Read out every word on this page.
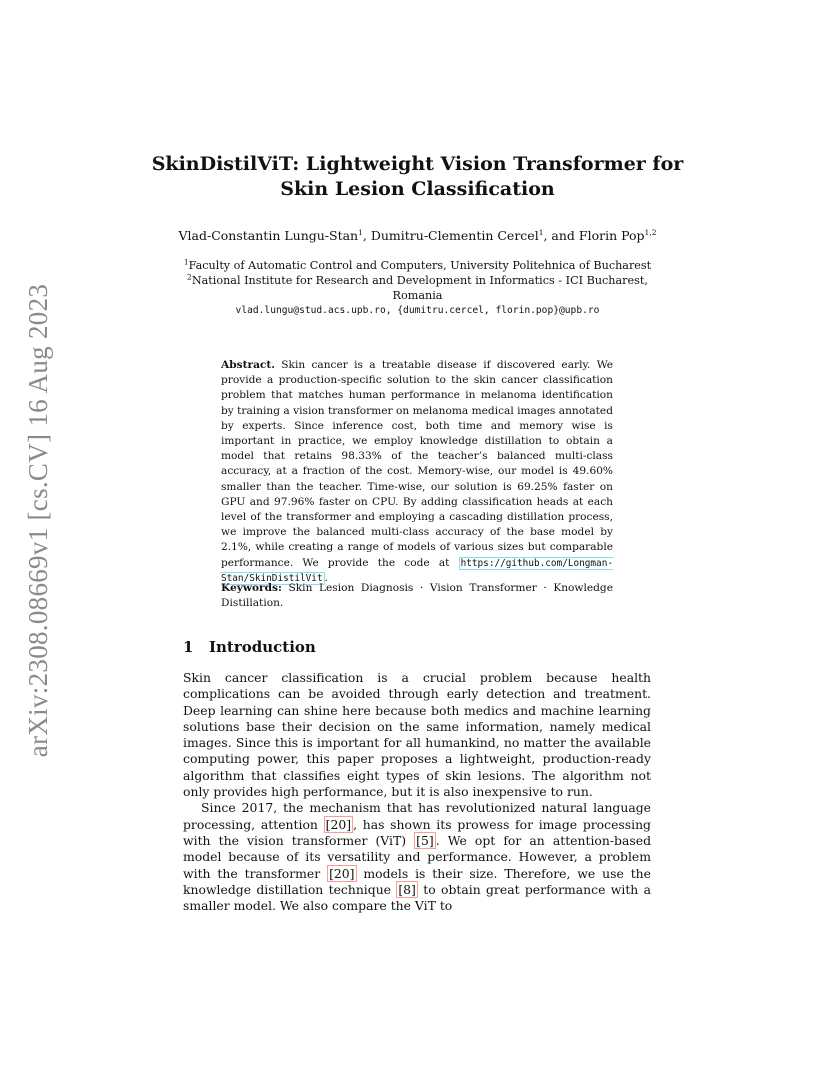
arXiv:2308.08669v1 [cs.CV] 16 Aug 2023
SkinDistilViT: Lightweight Vision Transformer for
Skin Lesion Classification
Vlad-Constantin Lungu-Stan$^1$, Dumitru-Clementin Cercel$^1$, and Florin Pop$^{1,2}$
$^1$Faculty of Automatic Control and Computers, University Politehnica of Bucharest
$^2$National Institute for Research and Development in Informatics - ICI Bucharest,
Romania
vlad.lungu@stud.acs.upb.ro, {dumitru.cercel, florin.pop}@upb.ro
Abstract. Skin cancer is a treatable disease if discovered early. We provide a production-specific solution to the skin cancer classification problem that matches human performance in melanoma identification by training a vision transformer on melanoma medical images annotated by experts. Since inference cost, both time and memory wise is important in practice, we employ knowledge distillation to obtain a model that retains 98.33% of the teacher’s balanced multi-class accuracy, at a fraction of the cost. Memory-wise, our model is 49.60% smaller than the teacher. Time-wise, our solution is 69.25% faster on GPU and 97.96% faster on CPU. By adding classification heads at each level of the transformer and employing a cascading distillation process, we improve the balanced multi-class accuracy of the base model by 2.1%, while creating a range of models of various sizes but comparable performance. We provide the code at https://github.com/Longman-Stan/SkinDistilVit .
Keywords: Skin Lesion Diagnosis · Vision Transformer · Knowledge Distillation.
1 Introduction

Skin cancer classification is a crucial problem because health complications can be avoided through early detection and treatment. Deep learning can shine here because both medics and machine learning solutions base their decision on the same information, namely medical images. Since this is important for all humankind, no matter the available computing power, this paper proposes a lightweight, production-ready algorithm that classifies eight types of skin lesions. The algorithm not only provides high performance, but it is also inexpensive to run.

Since 2017, the mechanism that has revolutionized natural language processing, attention [20] , has shown its prowess for image processing with the vision transformer (ViT) [5] . We opt for an attention-based model because of its versatility and performance. However, a problem with the transformer [20] models is their size. Therefore, we use the knowledge distillation technique [8] to obtain great performance with a smaller model. We also compare the ViT to
